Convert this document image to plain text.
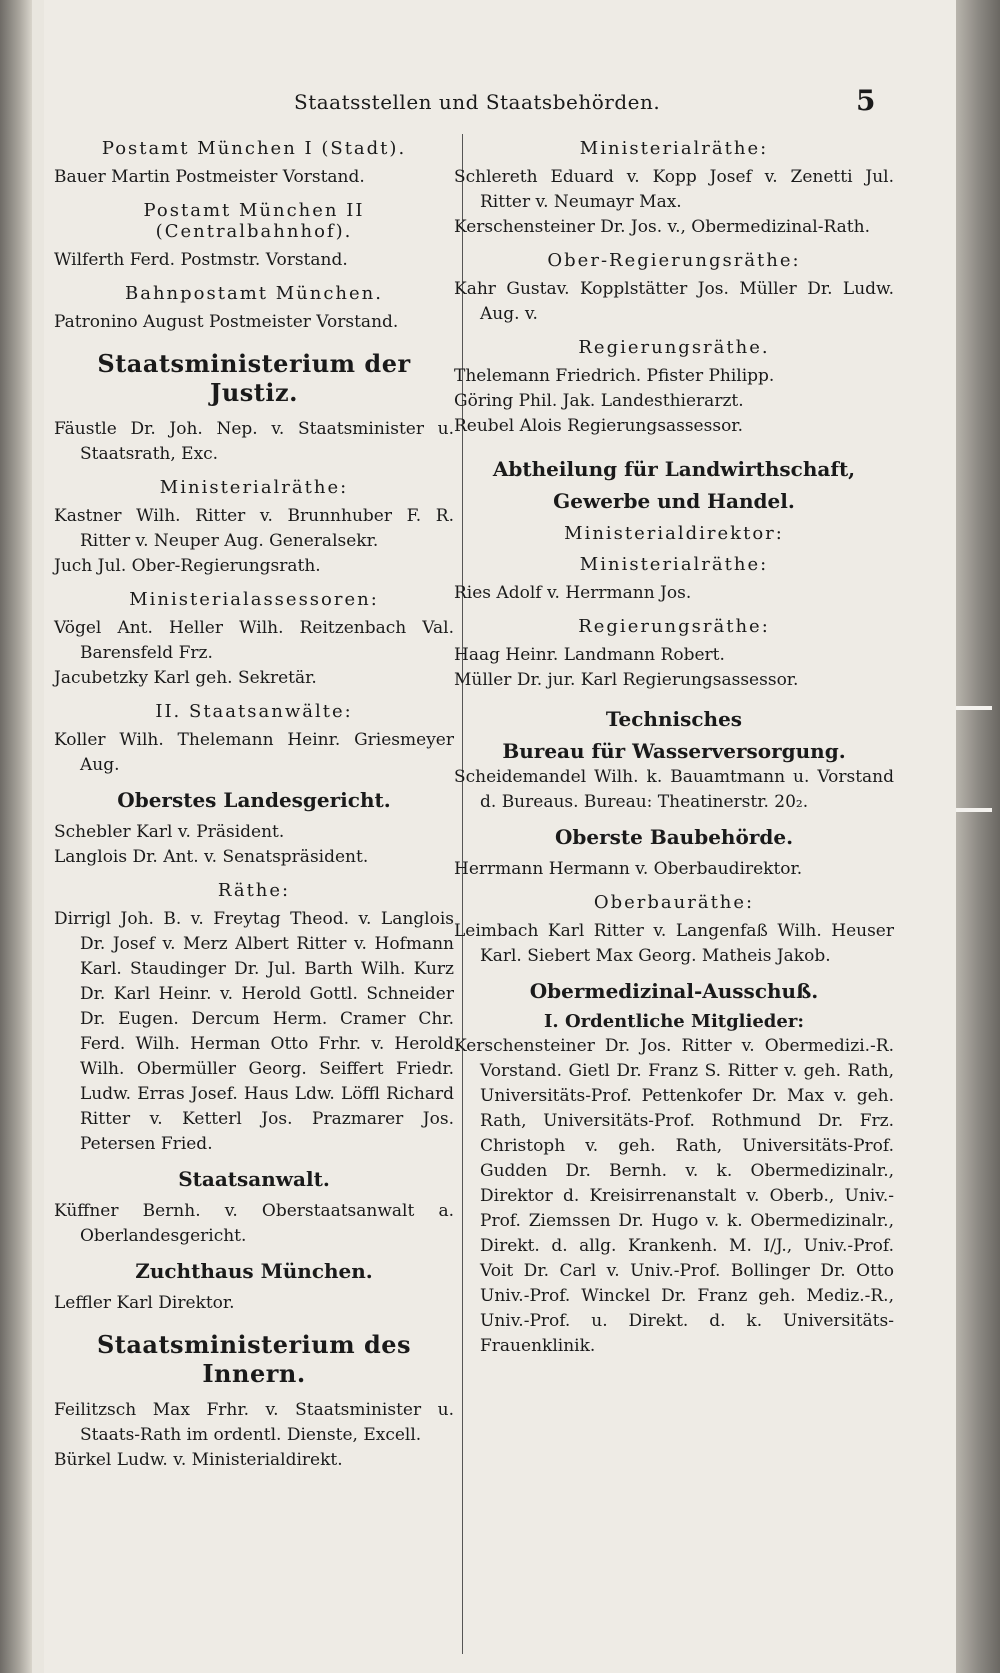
Staatsstellen und Staatsbehörden.	5
Postamt München I (Stadt).

Bauer Martin Postmeister Vorstand.

Postamt München II (Centralbahnhof).

Wilferth Ferd. Postmstr. Vorstand.

Bahnpostamt München.

Patronino August Postmeister Vorstand.

Staatsministerium der Justiz.

Fäustle Dr. Joh. Nep. v. Staatsminister u. Staatsrath, Exc.

Ministerialräthe:

Kastner Wilh. Ritter v. Brunnhuber F. R. Ritter v. Neuper Aug. Generalsekr.

Juch Jul. Ober-Regierungsrath.

Ministerialassessoren:

Vögel Ant. Heller Wilh. Reitzenbach Val. Barensfeld Frz.

Jacubetzky Karl geh. Sekretär.

II. Staatsanwälte:

Koller Wilh. Thelemann Heinr. Griesmeyer Aug.

Oberstes Landesgericht.

Schebler Karl v. Präsident.

Langlois Dr. Ant. v. Senatspräsident.

Räthe:

Dirrigl Joh. B. v. Freytag Theod. v. Langlois Dr. Josef v. Merz Albert Ritter v. Hofmann Karl. Staudinger Dr. Jul. Barth Wilh. Kurz Dr. Karl Heinr. v. Herold Gottl. Schneider Dr. Eugen. Dercum Herm. Cramer Chr. Ferd. Wilh. Herman Otto Frhr. v. Herold Wilh. Obermüller Georg. Seiffert Friedr. Ludw. Erras Josef. Haus Ldw. Löffl Richard Ritter v. Ketterl Jos. Prazmarer Jos. Petersen Fried.

Staatsanwalt.

Küffner Bernh. v. Oberstaatsanwalt a. Oberlandesgericht.

Zuchthaus München.

Leffler Karl Direktor.

Staatsministerium des Innern.

Feilitzsch Max Frhr. v. Staatsminister u. Staats-Rath im ordentl. Dienste, Excell.

Bürkel Ludw. v. Ministerialdirekt.

Ministerialräthe:

Schlereth Eduard v. Kopp Josef v. Zenetti Jul. Ritter v. Neumayr Max.

Kerschensteiner Dr. Jos. v., Obermedizinal-Rath.

Ober-Regierungsräthe:

Kahr Gustav. Kopplstätter Jos. Müller Dr. Ludw. Aug. v.

Regierungsräthe.

Thelemann Friedrich. Pfister Philipp.

Göring Phil. Jak. Landesthierarzt.

Reubel Alois Regierungsassessor.

Abtheilung für Landwirthschaft,
Gewerbe und Handel.
Ministerialdirektor:
Ministerialräthe:

Ries Adolf v. Herrmann Jos.

Regierungsräthe:

Haag Heinr. Landmann Robert.

Müller Dr. jur. Karl Regierungsassessor.

Technisches
Bureau für Wasserversorgung.

Scheidemandel Wilh. k. Bauamtmann u. Vorstand d. Bureaus. Bureau: Theatinerstr. 20₂.

Oberste Baubehörde.

Herrmann Hermann v. Oberbaudirektor.

Oberbauräthe:

Leimbach Karl Ritter v. Langenfaß Wilh. Heuser Karl. Siebert Max Georg. Matheis Jakob.

Obermedizinal-Ausschuß.
I. Ordentliche Mitglieder:

Kerschensteiner Dr. Jos. Ritter v. Obermedizi.-R. Vorstand. Gietl Dr. Franz S. Ritter v. geh. Rath, Universitäts-Prof. Pettenkofer Dr. Max v. geh. Rath, Universitäts-Prof. Rothmund Dr. Frz. Christoph v. geh. Rath, Universitäts-Prof. Gudden Dr. Bernh. v. k. Obermedizinalr., Direktor d. Kreisirrenanstalt v. Oberb., Univ.-Prof. Ziemssen Dr. Hugo v. k. Obermedizinalr., Direkt. d. allg. Krankenh. M. I/J., Univ.-Prof. Voit Dr. Carl v. Univ.-Prof. Bollinger Dr. Otto Univ.-Prof. Winckel Dr. Franz geh. Mediz.-R., Univ.-Prof. u. Direkt. d. k. Universitäts-Frauenklinik.
